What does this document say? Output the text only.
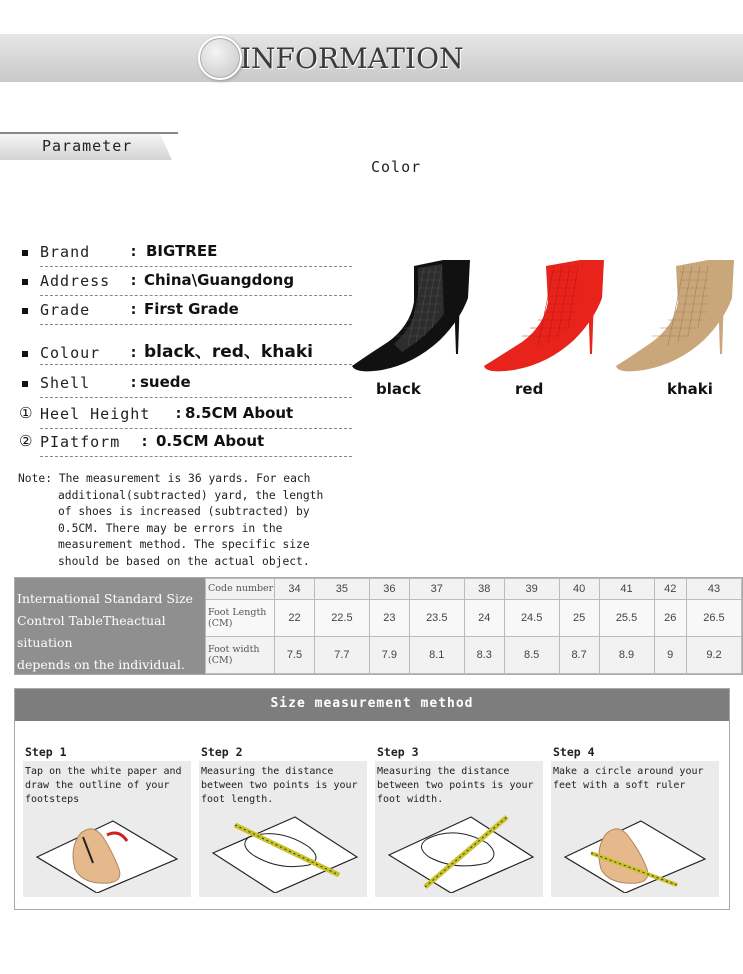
INFORMATION
Parameter
Color
Brand	: BIGTREE
Address : China\Guangdong
Grade	: First Grade
Colour : black、red、khaki
Shell	: suede
① Heel Height : 8.5CM About
② PIatform : 0.5CM About
black	red	khaki
Note: The measurement is 36 yards. For each
additional(subtracted) yard, the length
of shoes is increased (subtracted) by
0.5CM. There may be errors in the
measurement method. The specific size
should be based on the actual object.
International Standard Size
Control TableTheactual situation
depends on the individual.
Code number	34	35	36	37	38	39	40	41	42	43
Foot Length (CM)	22	22.5	23	23.5	24	24.5	25	25.5	26	26.5
Foot width (CM)	7.5	7.7	7.9	8.1	8.3	8.5	8.7	8.9	9	9.2
Size measurement method
Step 1
Tap on the white paper and draw the outline of your footsteps
Step 2
Measuring the distance between two points is your foot length.
Step 3
Measuring the distance between two points is your foot width.
Step 4
Make a circle around your feet with a soft ruler
